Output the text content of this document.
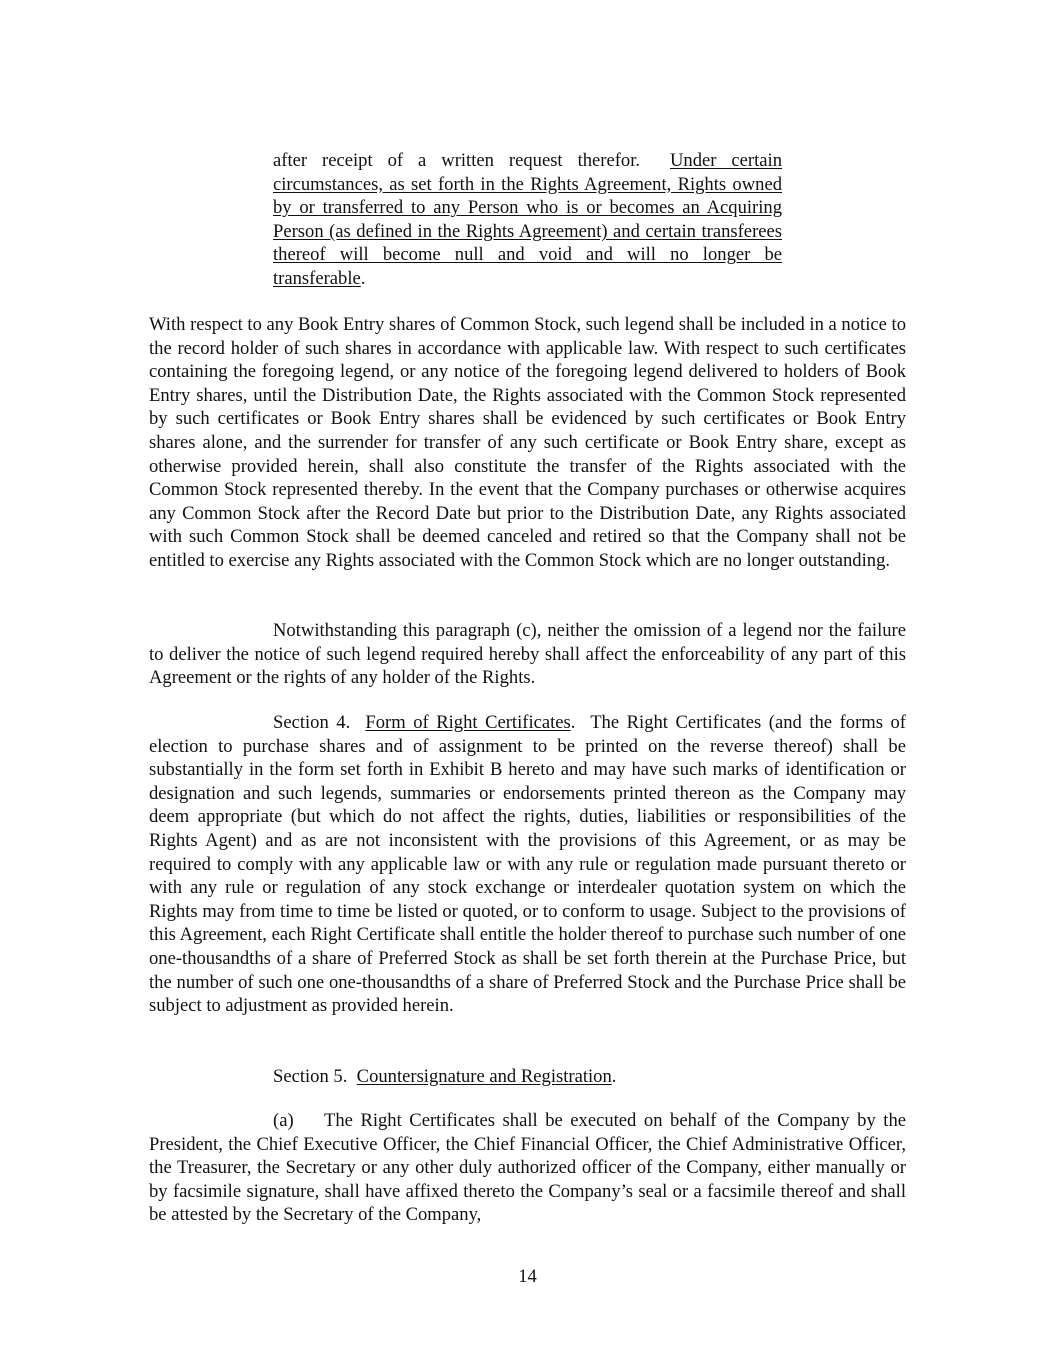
after receipt of a written request therefor. Under certain circumstances, as set forth in the Rights Agreement, Rights owned by or transferred to any Person who is or becomes an Acquiring Person (as defined in the Rights Agreement) and certain transferees thereof will become null and void and will no longer be transferable.

With respect to any Book Entry shares of Common Stock, such legend shall be included in a notice to the record holder of such shares in accordance with applicable law. With respect to such certificates containing the foregoing legend, or any notice of the foregoing legend delivered to holders of Book Entry shares, until the Distribution Date, the Rights associated with the Common Stock represented by such certificates or Book Entry shares shall be evidenced by such certificates or Book Entry shares alone, and the surrender for transfer of any such certificate or Book Entry share, except as otherwise provided herein, shall also constitute the transfer of the Rights associated with the Common Stock represented thereby. In the event that the Company purchases or otherwise acquires any Common Stock after the Record Date but prior to the Distribution Date, any Rights associated with such Common Stock shall be deemed canceled and retired so that the Company shall not be entitled to exercise any Rights associated with the Common Stock which are no longer outstanding.

Notwithstanding this paragraph (c), neither the omission of a legend nor the failure to deliver the notice of such legend required hereby shall affect the enforceability of any part of this Agreement or the rights of any holder of the Rights.

Section 4. Form of Right Certificates. The Right Certificates (and the forms of election to purchase shares and of assignment to be printed on the reverse thereof) shall be substantially in the form set forth in Exhibit B hereto and may have such marks of identification or designation and such legends, summaries or endorsements printed thereon as the Company may deem appropriate (but which do not affect the rights, duties, liabilities or responsibilities of the Rights Agent) and as are not inconsistent with the provisions of this Agreement, or as may be required to comply with any applicable law or with any rule or regulation made pursuant thereto or with any rule or regulation of any stock exchange or interdealer quotation system on which the Rights may from time to time be listed or quoted, or to conform to usage. Subject to the provisions of this Agreement, each Right Certificate shall entitle the holder thereof to purchase such number of one one-thousandths of a share of Preferred Stock as shall be set forth therein at the Purchase Price, but the number of such one one-thousandths of a share of Preferred Stock and the Purchase Price shall be subject to adjustment as provided herein.

Section 5. Countersignature and Registration.

(a) The Right Certificates shall be executed on behalf of the Company by the President, the Chief Executive Officer, the Chief Financial Officer, the Chief Administrative Officer, the Treasurer, the Secretary or any other duly authorized officer of the Company, either manually or by facsimile signature, shall have affixed thereto the Company’s seal or a facsimile thereof and shall be attested by the Secretary of the Company,

14
